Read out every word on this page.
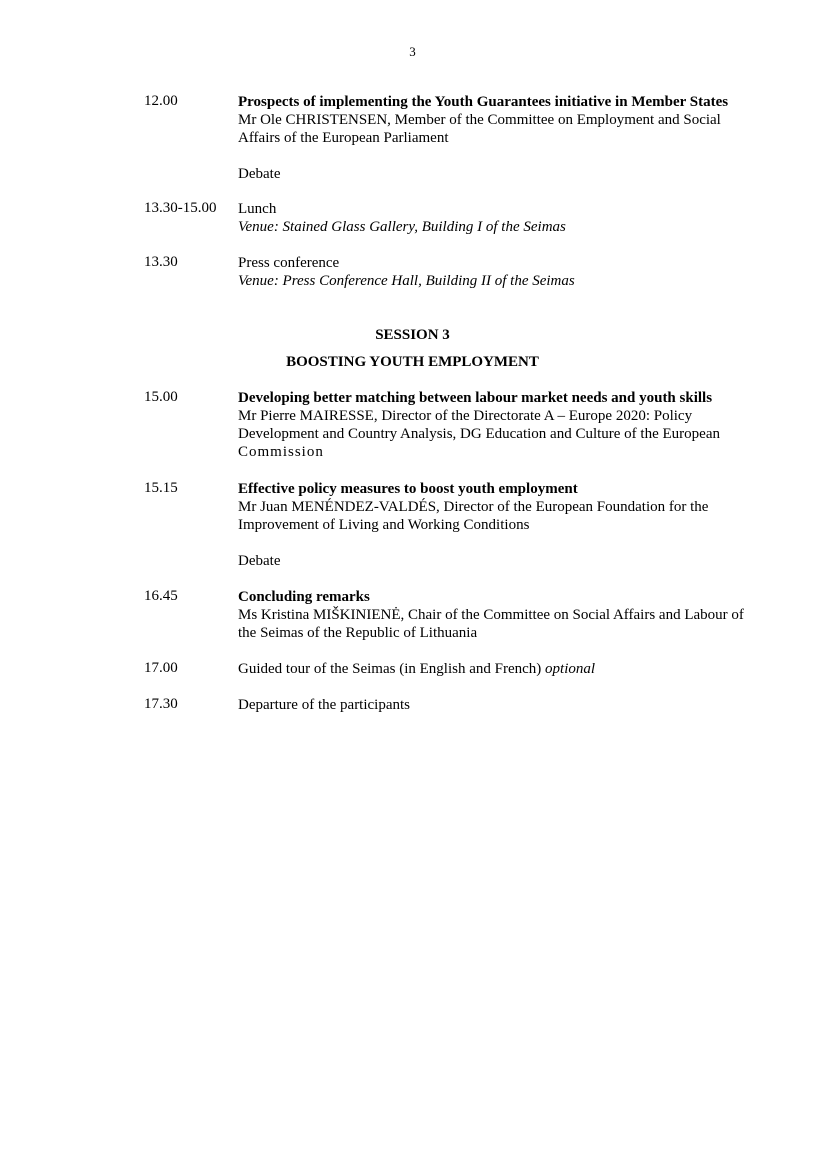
3
12.00	Prospects of implementing the Youth Guarantees initiative in Member States
Mr Ole CHRISTENSEN, Member of the Committee on Employment and Social
Affairs of the European Parliament
Debate
13.30-15.00	Lunch
Venue: Stained Glass Gallery, Building I of the Seimas
13.30	Press conference
Venue: Press Conference Hall, Building II of the Seimas
SESSION 3
BOOSTING YOUTH EMPLOYMENT
15.00	Developing better matching between labour market needs and youth skills
Mr Pierre MAIRESSE, Director of the Directorate A – Europe 2020: Policy
Development and Country Analysis, DG Education and Culture of the European
Commission
15.15	Effective policy measures to boost youth employment
Mr Juan MENÉNDEZ-VALDÉS, Director of the European Foundation for the
Improvement of Living and Working Conditions
Debate
16.45	Concluding remarks
Ms Kristina MIŠKINIENĖ, Chair of the Committee on Social Affairs and Labour of
the Seimas of the Republic of Lithuania
17.00	Guided tour of the Seimas (in English and French) optional
17.30	Departure of the participants
